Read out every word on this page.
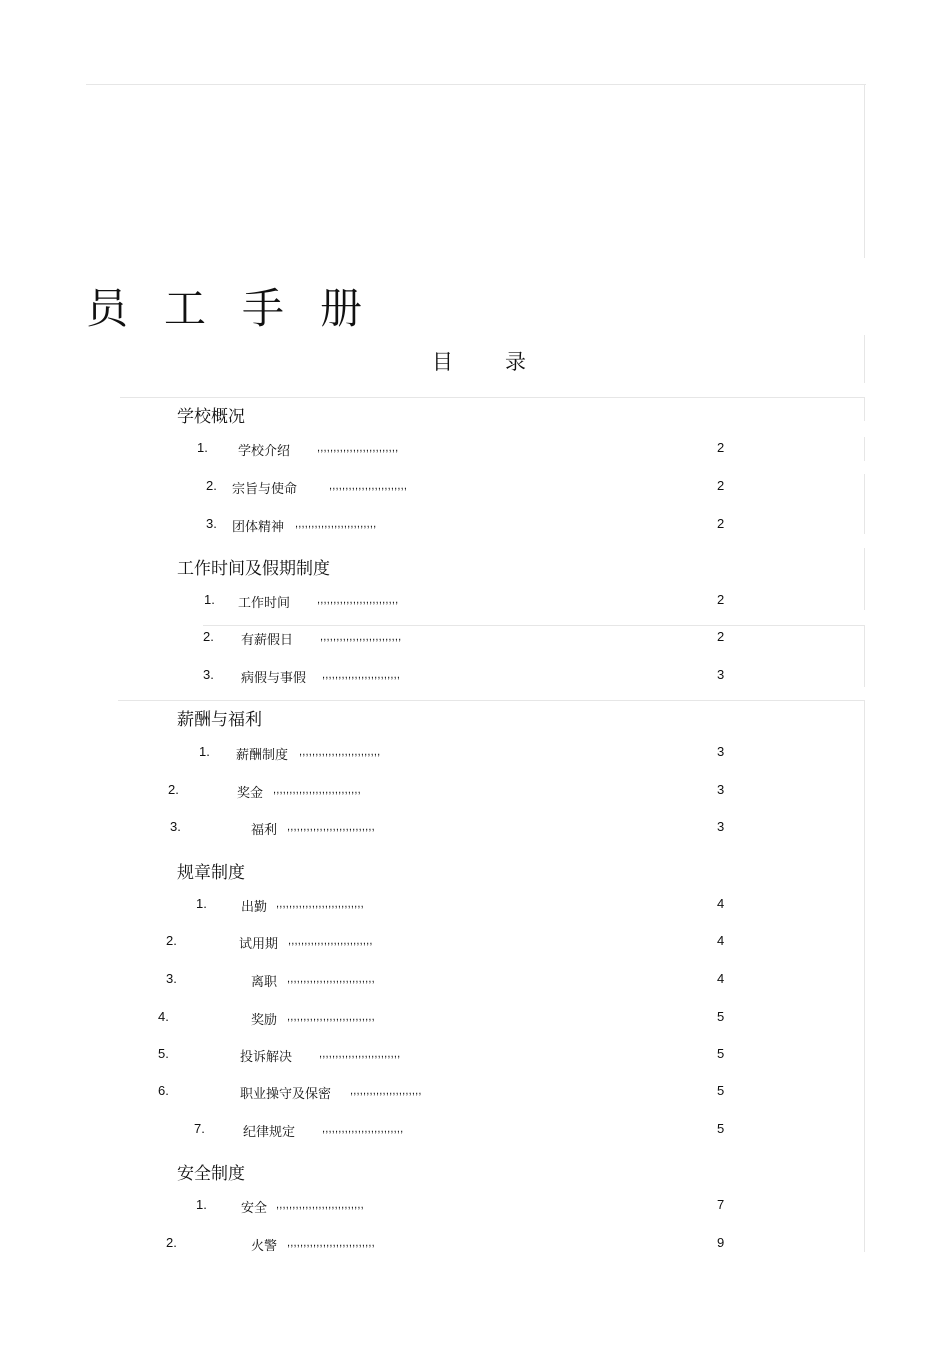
员 工 手 册
目 录
学校概况
1. 学校介绍 ,,,,,,,,,,,,,,,,,,,,,,,,,	2
2. 宗旨与使命	,,,,,,,,,,,,,,,,,,,,,,,,	2
3. 团体精神 ,,,,,,,,,,,,,,,,,,,,,,,,,	2
工作时间及假期制度
1. 工作时间 ,,,,,,,,,,,,,,,,,,,,,,,,,	2
2. 有薪假日 ,,,,,,,,,,,,,,,,,,,,,,,,,	2
3. 病假与事假 ,,,,,,,,,,,,,,,,,,,,,,,,	3
薪酬与福利
1. 薪酬制度 ,,,,,,,,,,,,,,,,,,,,,,,,,	3
2.	奖金 ,,,,,,,,,,,,,,,,,,,,,,,,,,,	3
3.	福利 ,,,,,,,,,,,,,,,,,,,,,,,,,,,	3
规章制度
1.	出勤 ,,,,,,,,,,,,,,,,,,,,,,,,,,,	4
2.	试用期 ,,,,,,,,,,,,,,,,,,,,,,,,,,	4
3.	离职 ,,,,,,,,,,,,,,,,,,,,,,,,,,,	4
4.	奖励 ,,,,,,,,,,,,,,,,,,,,,,,,,,,	5
5.	投诉解决 ,,,,,,,,,,,,,,,,,,,,,,,,,	5
6.	职业操守及保密 ,,,,,,,,,,,,,,,,,,,,,,	5
7.	纪律规定 ,,,,,,,,,,,,,,,,,,,,,,,,,	5
安全制度
1.	安全 ,,,,,,,,,,,,,,,,,,,,,,,,,,,	7
2.	火警 ,,,,,,,,,,,,,,,,,,,,,,,,,,,	9
